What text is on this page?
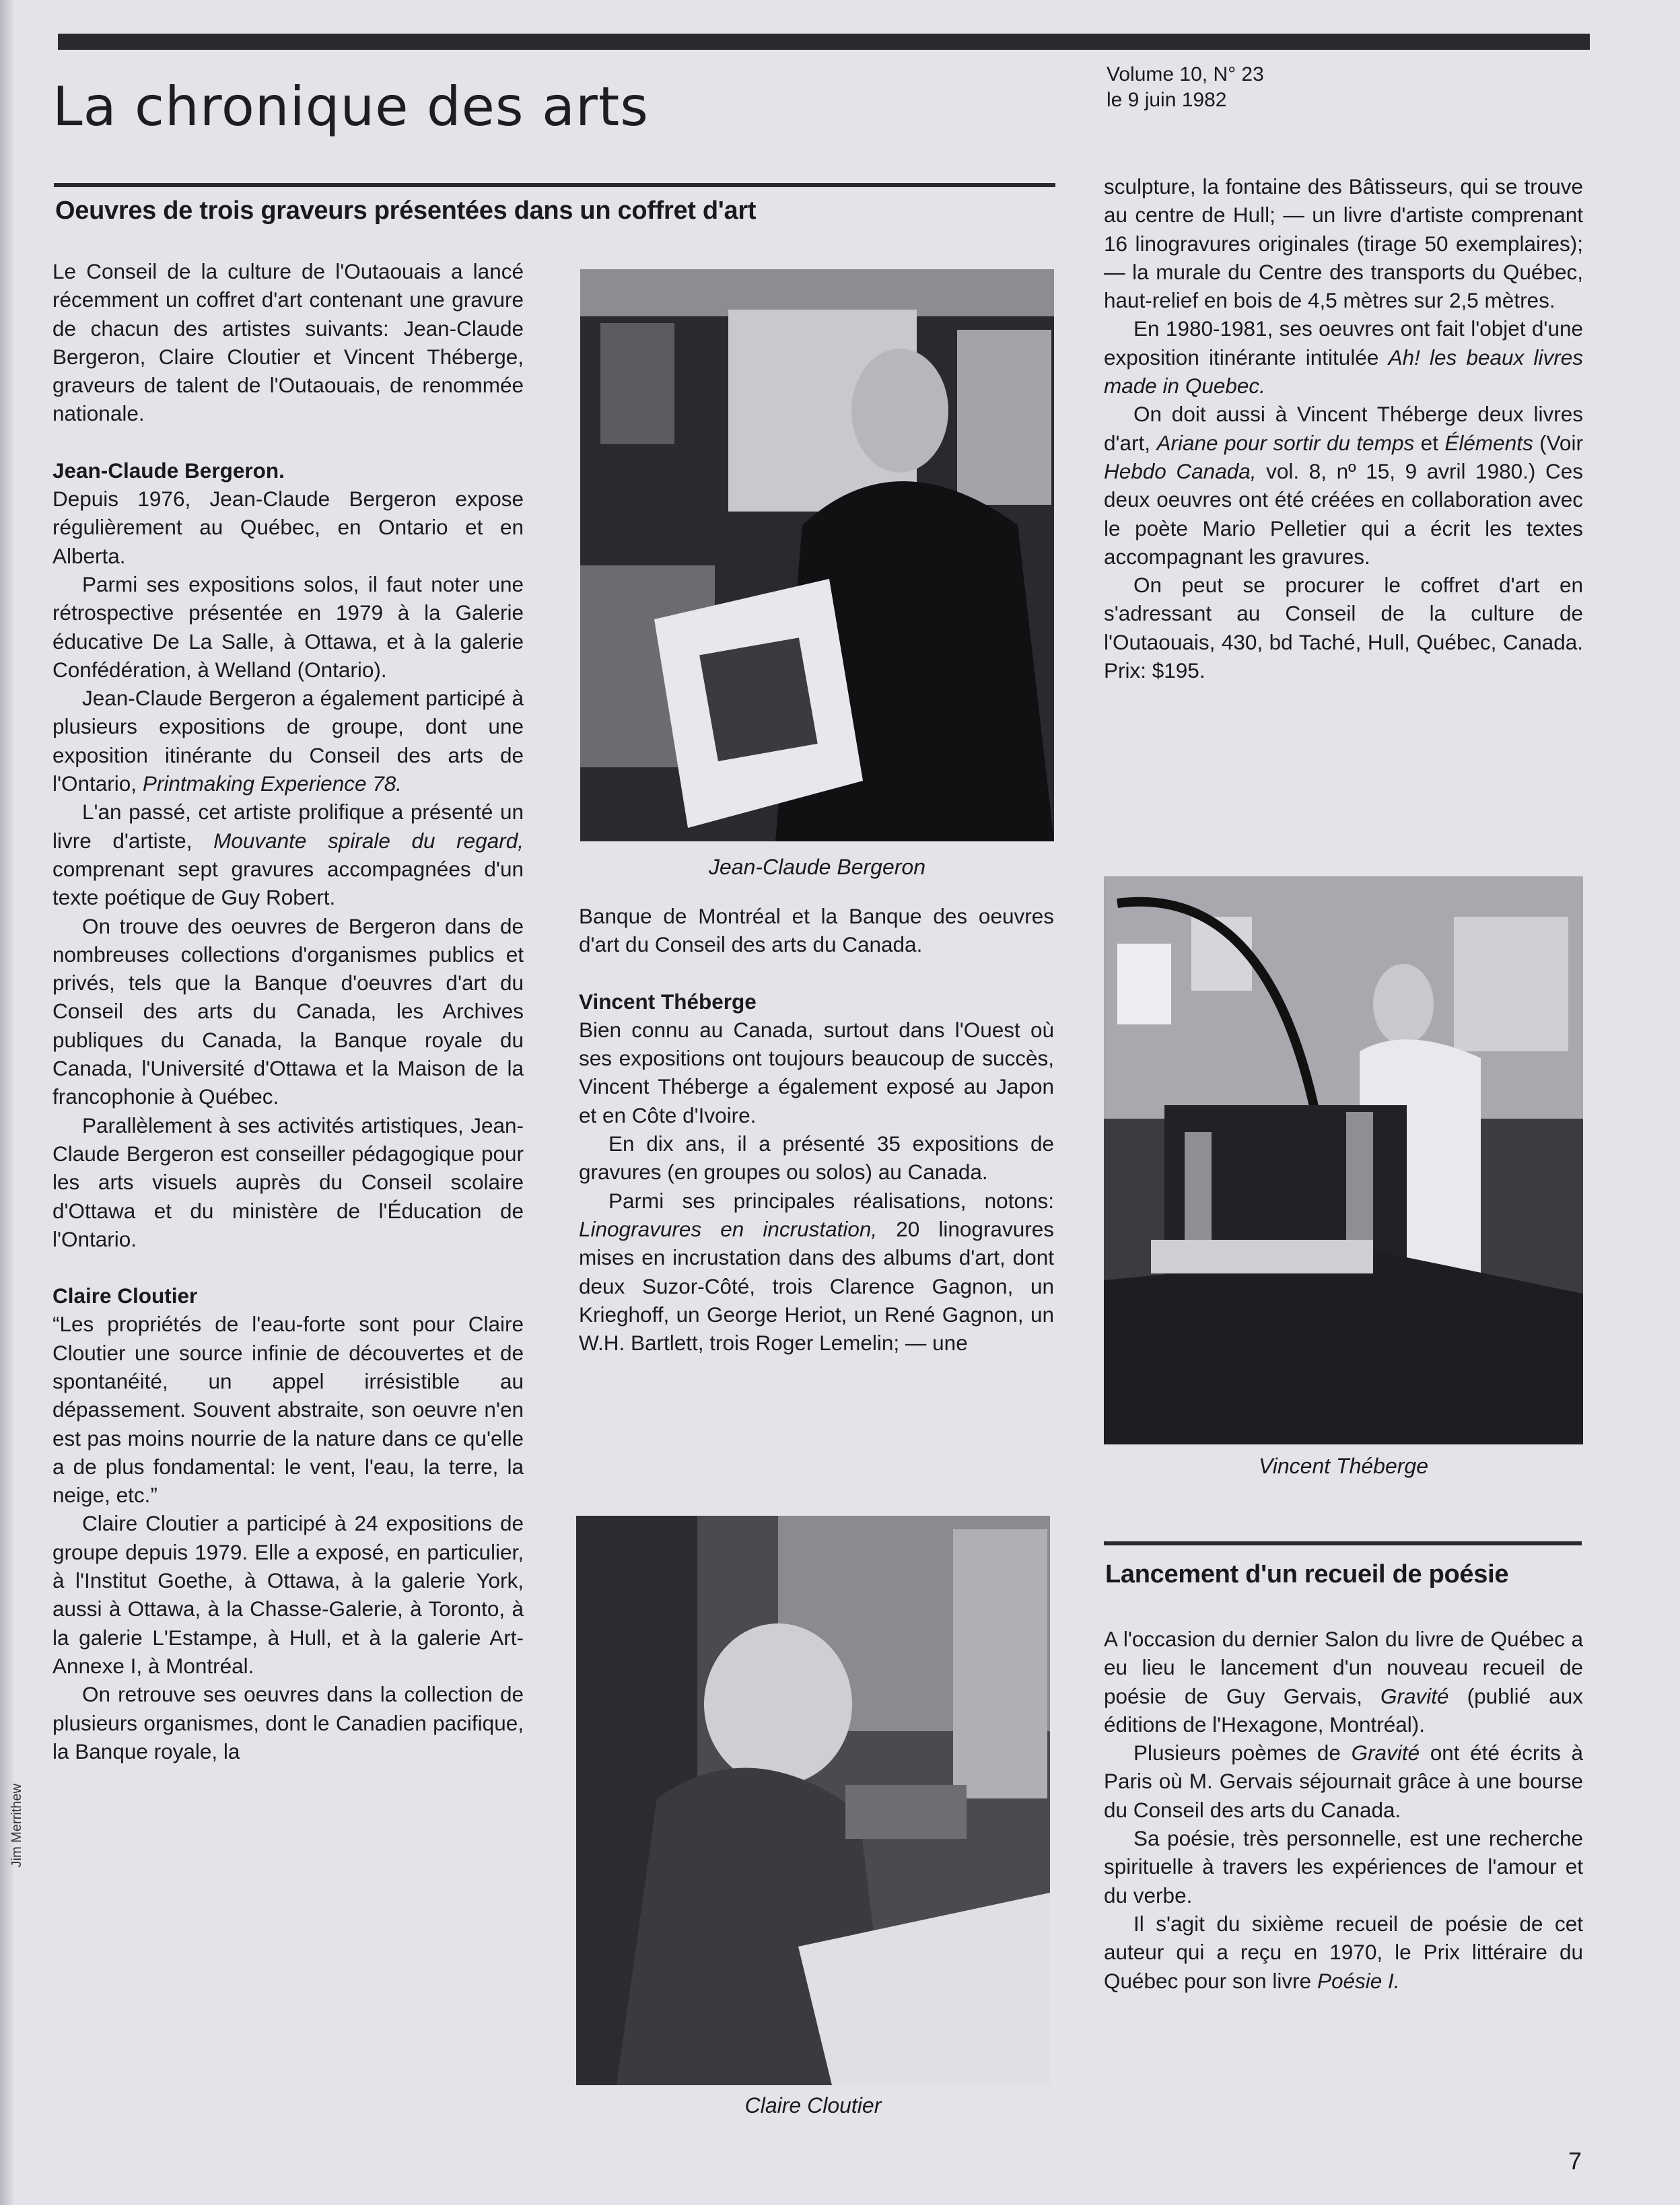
La chronique des arts
Volume 10, N° 23
le 9 juin 1982
Oeuvres de trois graveurs présentées dans un coffret d'art

Le Conseil de la culture de l'Outaouais a lancé récemment un coffret d'art contenant une gravure de chacun des artistes suivants: Jean-Claude Bergeron, Claire Cloutier et Vincent Théberge, graveurs de talent de l'Outaouais, de renommée nationale.

Jean-Claude Bergeron.

Depuis 1976, Jean-Claude Bergeron expose régulièrement au Québec, en Ontario et en Alberta.

Parmi ses expositions solos, il faut noter une rétrospective présentée en 1979 à la Galerie éducative De La Salle, à Ottawa, et à la galerie Confédération, à Welland (Ontario).

Jean-Claude Bergeron a également participé à plusieurs expositions de groupe, dont une exposition itinérante du Conseil des arts de l'Ontario, Printmaking Experience 78.

L'an passé, cet artiste prolifique a présenté un livre d'artiste, Mouvante spirale du regard, comprenant sept gravures accompagnées d'un texte poétique de Guy Robert.

On trouve des oeuvres de Bergeron dans de nombreuses collections d'organismes publics et privés, tels que la Banque d'oeuvres d'art du Conseil des arts du Canada, les Archives publiques du Canada, la Banque royale du Canada, l'Université d'Ottawa et la Maison de la francophonie à Québec.

Parallèlement à ses activités artistiques, Jean-Claude Bergeron est conseiller pédagogique pour les arts visuels auprès du Conseil scolaire d'Ottawa et du ministère de l'Éducation de l'Ontario.

Claire Cloutier

“Les propriétés de l'eau-forte sont pour Claire Cloutier une source infinie de découvertes et de spontanéité, un appel irrésistible au dépassement. Souvent abstraite, son oeuvre n'en est pas moins nourrie de la nature dans ce qu'elle a de plus fondamental: le vent, l'eau, la terre, la neige, etc.”

Claire Cloutier a participé à 24 expositions de groupe depuis 1979. Elle a exposé, en particulier, à l'Institut Goethe, à Ottawa, à la galerie York, aussi à Ottawa, à la Chasse-Galerie, à Toronto, à la galerie L'Estampe, à Hull, et à la galerie Art-Annexe I, à Montréal.

On retrouve ses oeuvres dans la collection de plusieurs organismes, dont le Canadien pacifique, la Banque royale, la

Jean-Claude Bergeron

Banque de Montréal et la Banque des oeuvres d'art du Conseil des arts du Canada.

Vincent Théberge

Bien connu au Canada, surtout dans l'Ouest où ses expositions ont toujours beaucoup de succès, Vincent Théberge a également exposé au Japon et en Côte d'Ivoire.

En dix ans, il a présenté 35 expositions de gravures (en groupes ou solos) au Canada.

Parmi ses principales réalisations, notons: Linogravures en incrustation, 20 linogravures mises en incrustation dans des albums d'art, dont deux Suzor-Côté, trois Clarence Gagnon, un Krieghoff, un George Heriot, un René Gagnon, un W.H. Bartlett, trois Roger Lemelin; — une

Claire Cloutier

sculpture, la fontaine des Bâtisseurs, qui se trouve au centre de Hull; — un livre d'artiste comprenant 16 linogravures originales (tirage 50 exemplaires); — la murale du Centre des transports du Québec, haut-relief en bois de 4,5 mètres sur 2,5 mètres.

En 1980-1981, ses oeuvres ont fait l'objet d'une exposition itinérante intitulée Ah! les beaux livres made in Quebec.

On doit aussi à Vincent Théberge deux livres d'art, Ariane pour sortir du temps et Éléments (Voir Hebdo Canada, vol. 8, nº 15, 9 avril 1980.) Ces deux oeuvres ont été créées en collaboration avec le poète Mario Pelletier qui a écrit les textes accompagnant les gravures.

On peut se procurer le coffret d'art en s'adressant au Conseil de la culture de l'Outaouais, 430, bd Taché, Hull, Québec, Canada. Prix: $195.

Vincent Théberge
Lancement d'un recueil de poésie

A l'occasion du dernier Salon du livre de Québec a eu lieu le lancement d'un nouveau recueil de poésie de Guy Gervais, Gravité (publié aux éditions de l'Hexagone, Montréal).

Plusieurs poèmes de Gravité ont été écrits à Paris où M. Gervais séjournait grâce à une bourse du Conseil des arts du Canada.

Sa poésie, très personnelle, est une recherche spirituelle à travers les expériences de l'amour et du verbe.

Il s'agit du sixième recueil de poésie de cet auteur qui a reçu en 1970, le Prix littéraire du Québec pour son livre Poésie I.

Jim Merrithew
7
